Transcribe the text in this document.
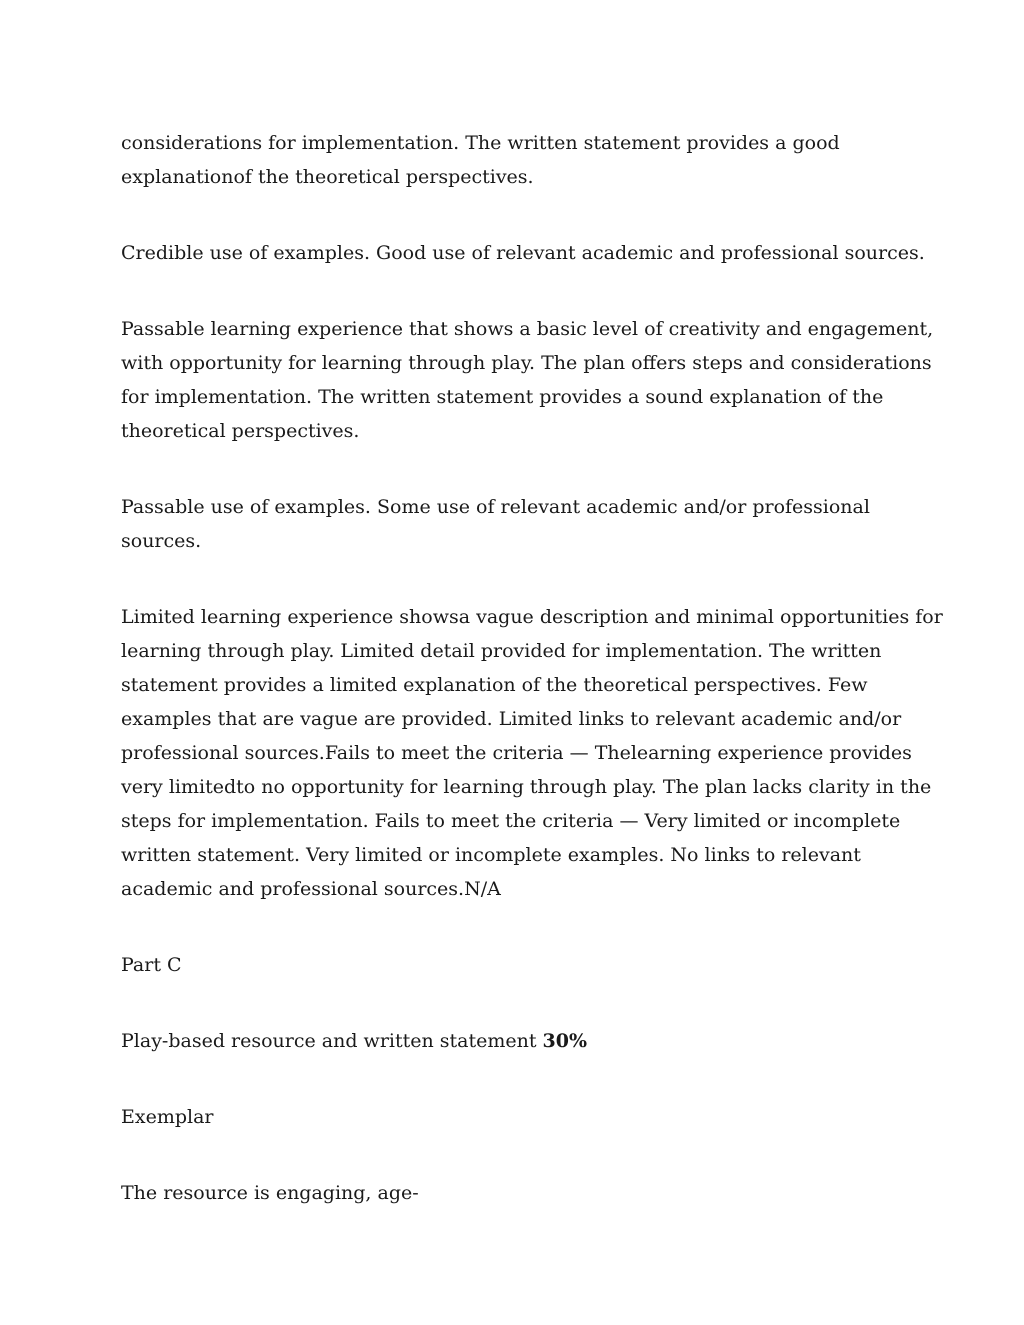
considerations for implementation. The written statement provides a good
explanationof the theoretical perspectives.
Credible use of examples. Good use of relevant academic and professional sources.
Passable learning experience that shows a basic level of creativity and engagement,
with opportunity for learning through play. The plan offers steps and considerations
for implementation. The written statement provides a sound explanation of the
theoretical perspectives.
Passable use of examples. Some use of relevant academic and/or professional
sources.
Limited learning experience showsa vague description and minimal opportunities for
learning through play. Limited detail provided for implementation. The written
statement provides a limited explanation of the theoretical perspectives. Few
examples that are vague are provided. Limited links to relevant academic and/or
professional sources.Fails to meet the criteria — Thelearning experience provides
very limitedto no opportunity for learning through play. The plan lacks clarity in the
steps for implementation. Fails to meet the criteria — Very limited or incomplete
written statement. Very limited or incomplete examples. No links to relevant
academic and professional sources.N/A
Part C
Play-based resource and written statement 30%
Exemplar
The resource is engaging, age-
